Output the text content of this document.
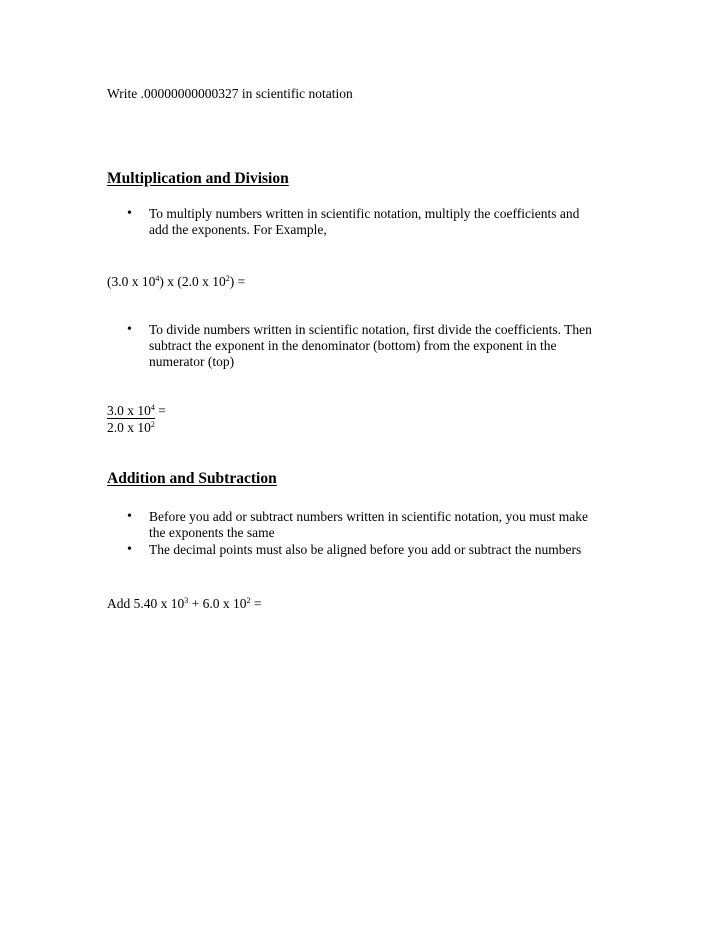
Write .00000000000327 in scientific notation
Multiplication and Division
• To multiply numbers written in scientific notation, multiply the coefficients and
add the exponents. For Example,
(3.0 x $10^4$) x (2.0 x $10^2$) =
• To divide numbers written in scientific notation, first divide the coefficients. Then
subtract the exponent in the denominator (bottom) from the exponent in the
numerator (top)
3.0 x $10^4$ =
2.0 x $10^2$
Addition and Subtraction
• Before you add or subtract numbers written in scientific notation, you must make
the exponents the same
• The decimal points must also be aligned before you add or subtract the numbers
Add 5.40 x $10^3 + 6.0$ x $10^2$ =
